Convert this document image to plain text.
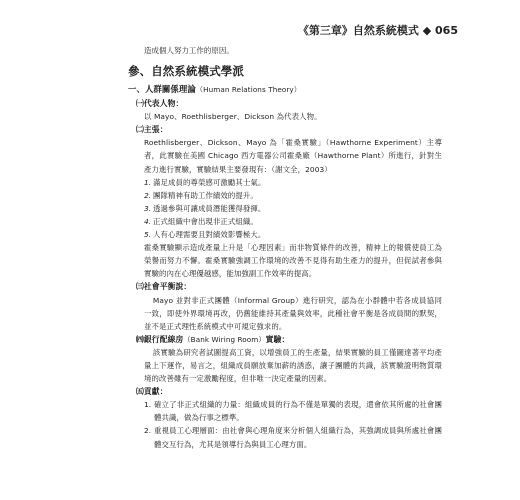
《第三章》自然系統模式 ◆ 065
造成個人努力工作的原因。
參、自然系統模式學派
一、人群關係理論（Human Relations Theory）
㈠代表人物：
以 Mayo、Roethlisberger、Dickson 為代表人物。
㈡主張：
Roethlisberger、Dickson、Mayo 為「霍桑實驗」（Hawthorne Experiment）主導者，此實驗在美國 Chicago 西方電器公司霍桑廠（Hawthorne Plant）所進行，針對生產力進行實驗，實驗結果主要發現有：（謝文全，2003）
1. 滿足成員的尊榮感可激勵其士氣。
2. 團隊精神有助工作績效的提升。
3. 透過參與可讓成員潛能獲得發揮。
4. 正式組織中會出現非正式組織。
5. 人有心理需要且對績效影響極大。
霍桑實驗顯示造成產量上升是「心理因素」而非物質條件的改善，精神上的報償使員工為榮譽而努力不懈。霍桑實驗強調工作環境的改善不見得有助生產力的提升，但促試者參與實驗的內在心理優越感，能加強副工作效率的提高。
㈢社會平衡說：
Mayo 並對非正式團體（Informal Group）進行研究，認為在小群體中若各成員協同一致，即使外界環境再改，仍舊能維持其產量與效率，此種社會平衡是各成員間的默契，並不是正式理性系統模式中可規定強求的。
㈣銀行配線房（Bank Wiring Room）實驗：
該實驗為研究者試圖提高工資，以增強員工的生產量，結果實驗的員工僅圖達著平均產量上下運作，易言之，組織成員願放棄加薪的誘惑，讓子團體的共識，該實驗證明物質環境的改善雖有一定激勵程度，但非唯一決定產量的因素。
㈤貢獻：
1. 確立了非正式組織的力量：組織成員的行為不僅是單獨的表現，還會依其所處的社會團體共識，做為行事之標準。
2. 重視員工心理層面：由社會與心理角度來分析個人組織行為，其強調成員與所處社會團體交互行為，尤其是領導行為與員工心理方面。
